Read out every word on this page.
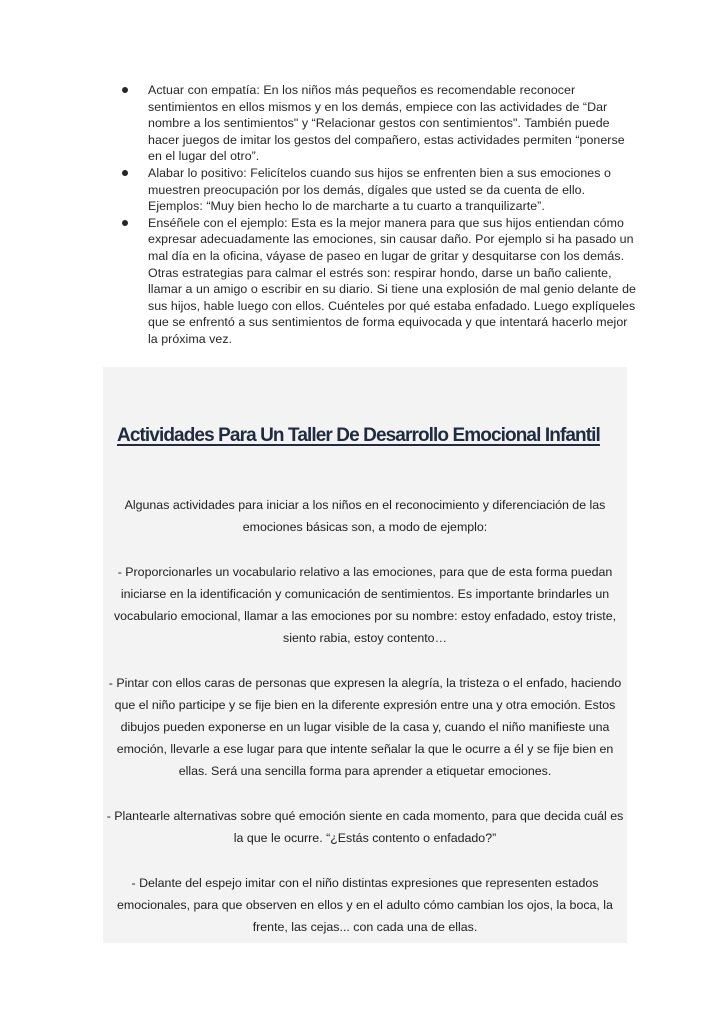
Actuar con empatía: En los niños más pequeños es recomendable reconocer sentimientos en ellos mismos y en los demás, empiece con las actividades de “Dar nombre a los sentimientos" y “Relacionar gestos con sentimientos". También puede hacer juegos de imitar los gestos del compañero, estas actividades permiten “ponerse en el lugar del otro”.
Alabar lo positivo: Felicítelos cuando sus hijos se enfrenten bien a sus emociones o muestren preocupación por los demás, dígales que usted se da cuenta de ello. Ejemplos: “Muy bien hecho lo de marcharte a tu cuarto a tranquilizarte”.
Enséñele con el ejemplo: Esta es la mejor manera para que sus hijos entiendan cómo expresar adecuadamente las emociones, sin causar daño. Por ejemplo si ha pasado un mal día en la oficina, váyase de paseo en lugar de gritar y desquitarse con los demás. Otras estrategias para calmar el estrés son: respirar hondo, darse un baño caliente, llamar a un amigo o escribir en su diario. Si tiene una explosión de mal genio delante de sus hijos, hable luego con ellos. Cuénteles por qué estaba enfadado. Luego explíqueles que se enfrentó a sus sentimientos de forma equivocada y que intentará hacerlo mejor la próxima vez.
Actividades Para Un Taller De Desarrollo Emocional Infantil

Algunas actividades para iniciar a los niños en el reconocimiento y diferenciación de las emociones básicas son, a modo de ejemplo:

- Proporcionarles un vocabulario relativo a las emociones, para que de esta forma puedan iniciarse en la identificación y comunicación de sentimientos. Es importante brindarles un vocabulario emocional, llamar a las emociones por su nombre: estoy enfadado, estoy triste, siento rabia, estoy contento…

- Pintar con ellos caras de personas que expresen la alegría, la tristeza o el enfado, haciendo que el niño participe y se fije bien en la diferente expresión entre una y otra emoción. Estos dibujos pueden exponerse en un lugar visible de la casa y, cuando el niño manifieste una emoción, llevarle a ese lugar para que intente señalar la que le ocurre a él y se fije bien en ellas. Será una sencilla forma para aprender a etiquetar emociones.

- Plantearle alternativas sobre qué emoción siente en cada momento, para que decida cuál es la que le ocurre. “¿Estás contento o enfadado?”

- Delante del espejo imitar con el niño distintas expresiones que representen estados emocionales, para que observen en ellos y en el adulto cómo cambian los ojos, la boca, la frente, las cejas... con cada una de ellas.
